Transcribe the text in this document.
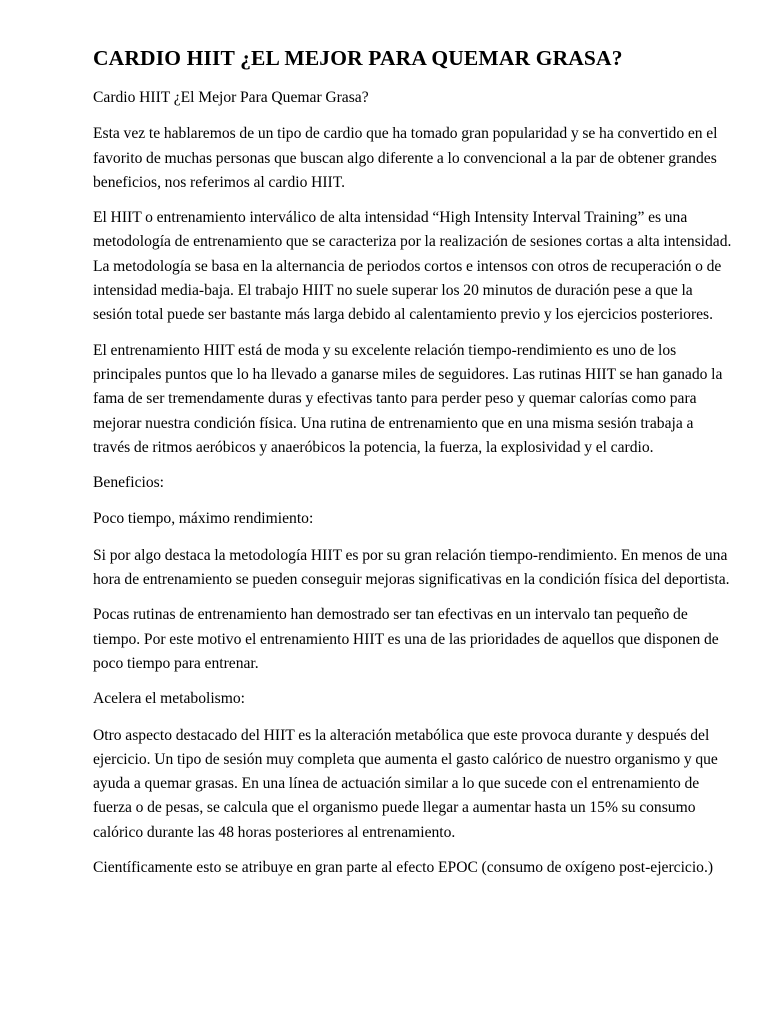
CARDIO HIIT ¿EL MEJOR PARA QUEMAR GRASA?

Cardio HIIT ¿El Mejor Para Quemar Grasa?

Esta vez te hablaremos de un tipo de cardio que ha tomado gran popularidad y se ha convertido en el favorito de muchas personas que buscan algo diferente a lo convencional a la par de obtener grandes beneficios, nos referimos al cardio HIIT.

El HIIT o entrenamiento interválico de alta intensidad “High Intensity Interval Training” es una metodología de entrenamiento que se caracteriza por la realización de sesiones cortas a alta intensidad. La metodología se basa en la alternancia de periodos cortos e intensos con otros de recuperación o de intensidad media-baja. El trabajo HIIT no suele superar los 20 minutos de duración pese a que la sesión total puede ser bastante más larga debido al calentamiento previo y los ejercicios posteriores.

El entrenamiento HIIT está de moda y su excelente relación tiempo-rendimiento es uno de los principales puntos que lo ha llevado a ganarse miles de seguidores. Las rutinas HIIT se han ganado la fama de ser tremendamente duras y efectivas tanto para perder peso y quemar calorías como para mejorar nuestra condición física. Una rutina de entrenamiento que en una misma sesión trabaja a través de ritmos aeróbicos y anaeróbicos la potencia, la fuerza, la explosividad y el cardio.

Beneficios:

Poco tiempo, máximo rendimiento:

Si por algo destaca la metodología HIIT es por su gran relación tiempo-rendimiento. En menos de una hora de entrenamiento se pueden conseguir mejoras significativas en la condición física del deportista.

Pocas rutinas de entrenamiento han demostrado ser tan efectivas en un intervalo tan pequeño de tiempo. Por este motivo el entrenamiento HIIT es una de las prioridades de aquellos que disponen de poco tiempo para entrenar.

Acelera el metabolismo:

Otro aspecto destacado del HIIT es la alteración metabólica que este provoca durante y después del ejercicio. Un tipo de sesión muy completa que aumenta el gasto calórico de nuestro organismo y que ayuda a quemar grasas. En una línea de actuación similar a lo que sucede con el entrenamiento de fuerza o de pesas, se calcula que el organismo puede llegar a aumentar hasta un 15% su consumo calórico durante las 48 horas posteriores al entrenamiento.

Científicamente esto se atribuye en gran parte al efecto EPOC (consumo de oxígeno post-ejercicio.)
